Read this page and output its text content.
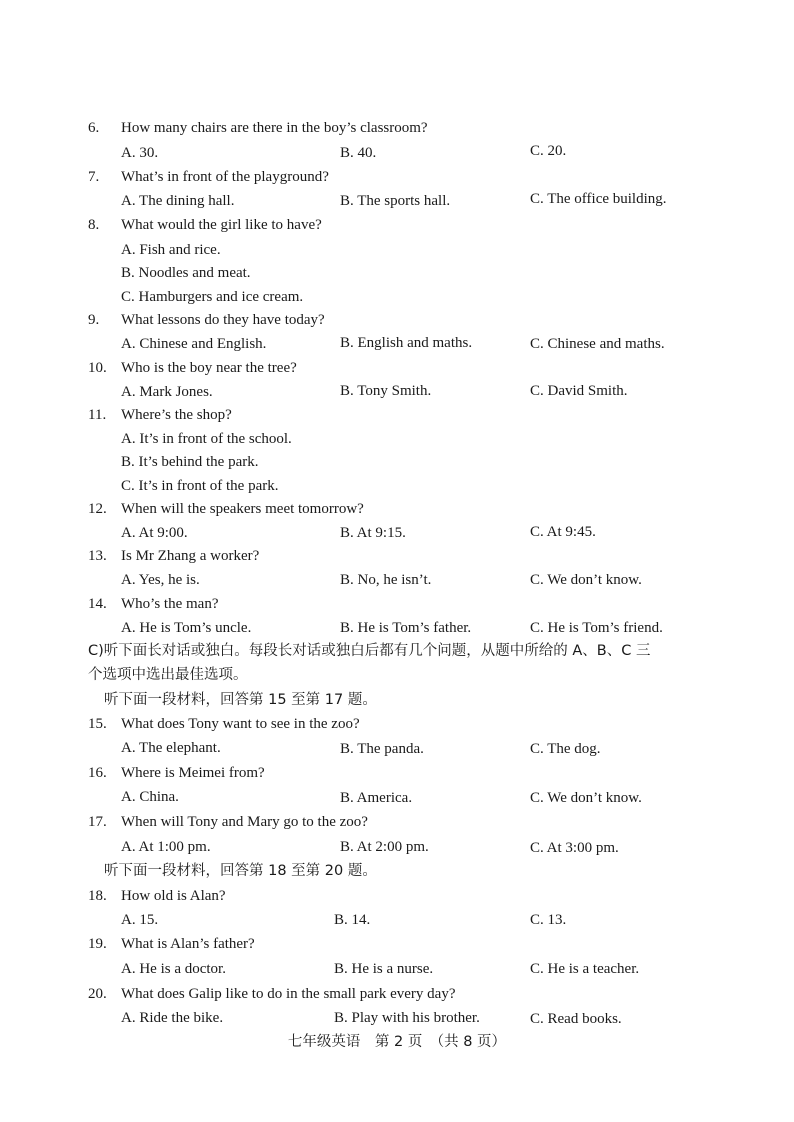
6. How many chairs are there in the boy’s classroom?
A. 30.	B. 40.	C. 20.
7. What’s in front of the playground?
A. The dining hall.	B. The sports hall.	C. The office building.
8. What would the girl like to have?
A. Fish and rice.
B. Noodles and meat.
C. Hamburgers and ice cream.
9. What lessons do they have today?
A. Chinese and English.	B. English and maths.	C. Chinese and maths.
10. Who is the boy near the tree?
A. Mark Jones.	B. Tony Smith.	C. David Smith.
11. Where’s the shop?
A. It’s in front of the school.
B. It’s behind the park.
C. It’s in front of the park.
12. When will the speakers meet tomorrow?
A. At 9:00.	B. At 9:15.	C. At 9:45.
13. Is Mr Zhang a worker?
A. Yes, he is.	B. No, he isn’t.	C. We don’t know.
14. Who’s the man?
A. He is Tom’s uncle.	B. He is Tom’s father.	C. He is Tom’s friend.
C)听下面长对话或独白。每段长对话或独白后都有几个问题，从题中所给的 A、B、C 三
个选项中选出最佳选项。
听下面一段材料，回答第 15 至第 17 题。
15. What does Tony want to see in the zoo?
A. The elephant.	B. The panda.	C. The dog.
16. Where is Meimei from?
A. China.	B. America.	C. We don’t know.
17. When will Tony and Mary go to the zoo?
A. At 1:00 pm.	B. At 2:00 pm.	C. At 3:00 pm.
听下面一段材料，回答第 18 至第 20 题。
18. How old is Alan?
A. 15.	B. 14.	C. 13.
19. What is Alan’s father?
A. He is a doctor.	B. He is a nurse.	C. He is a teacher.
20. What does Galip like to do in the small park every day?
A. Ride the bike.	B. Play with his brother.	C. Read books.
七年级英语　第 2 页　（共 8 页）
